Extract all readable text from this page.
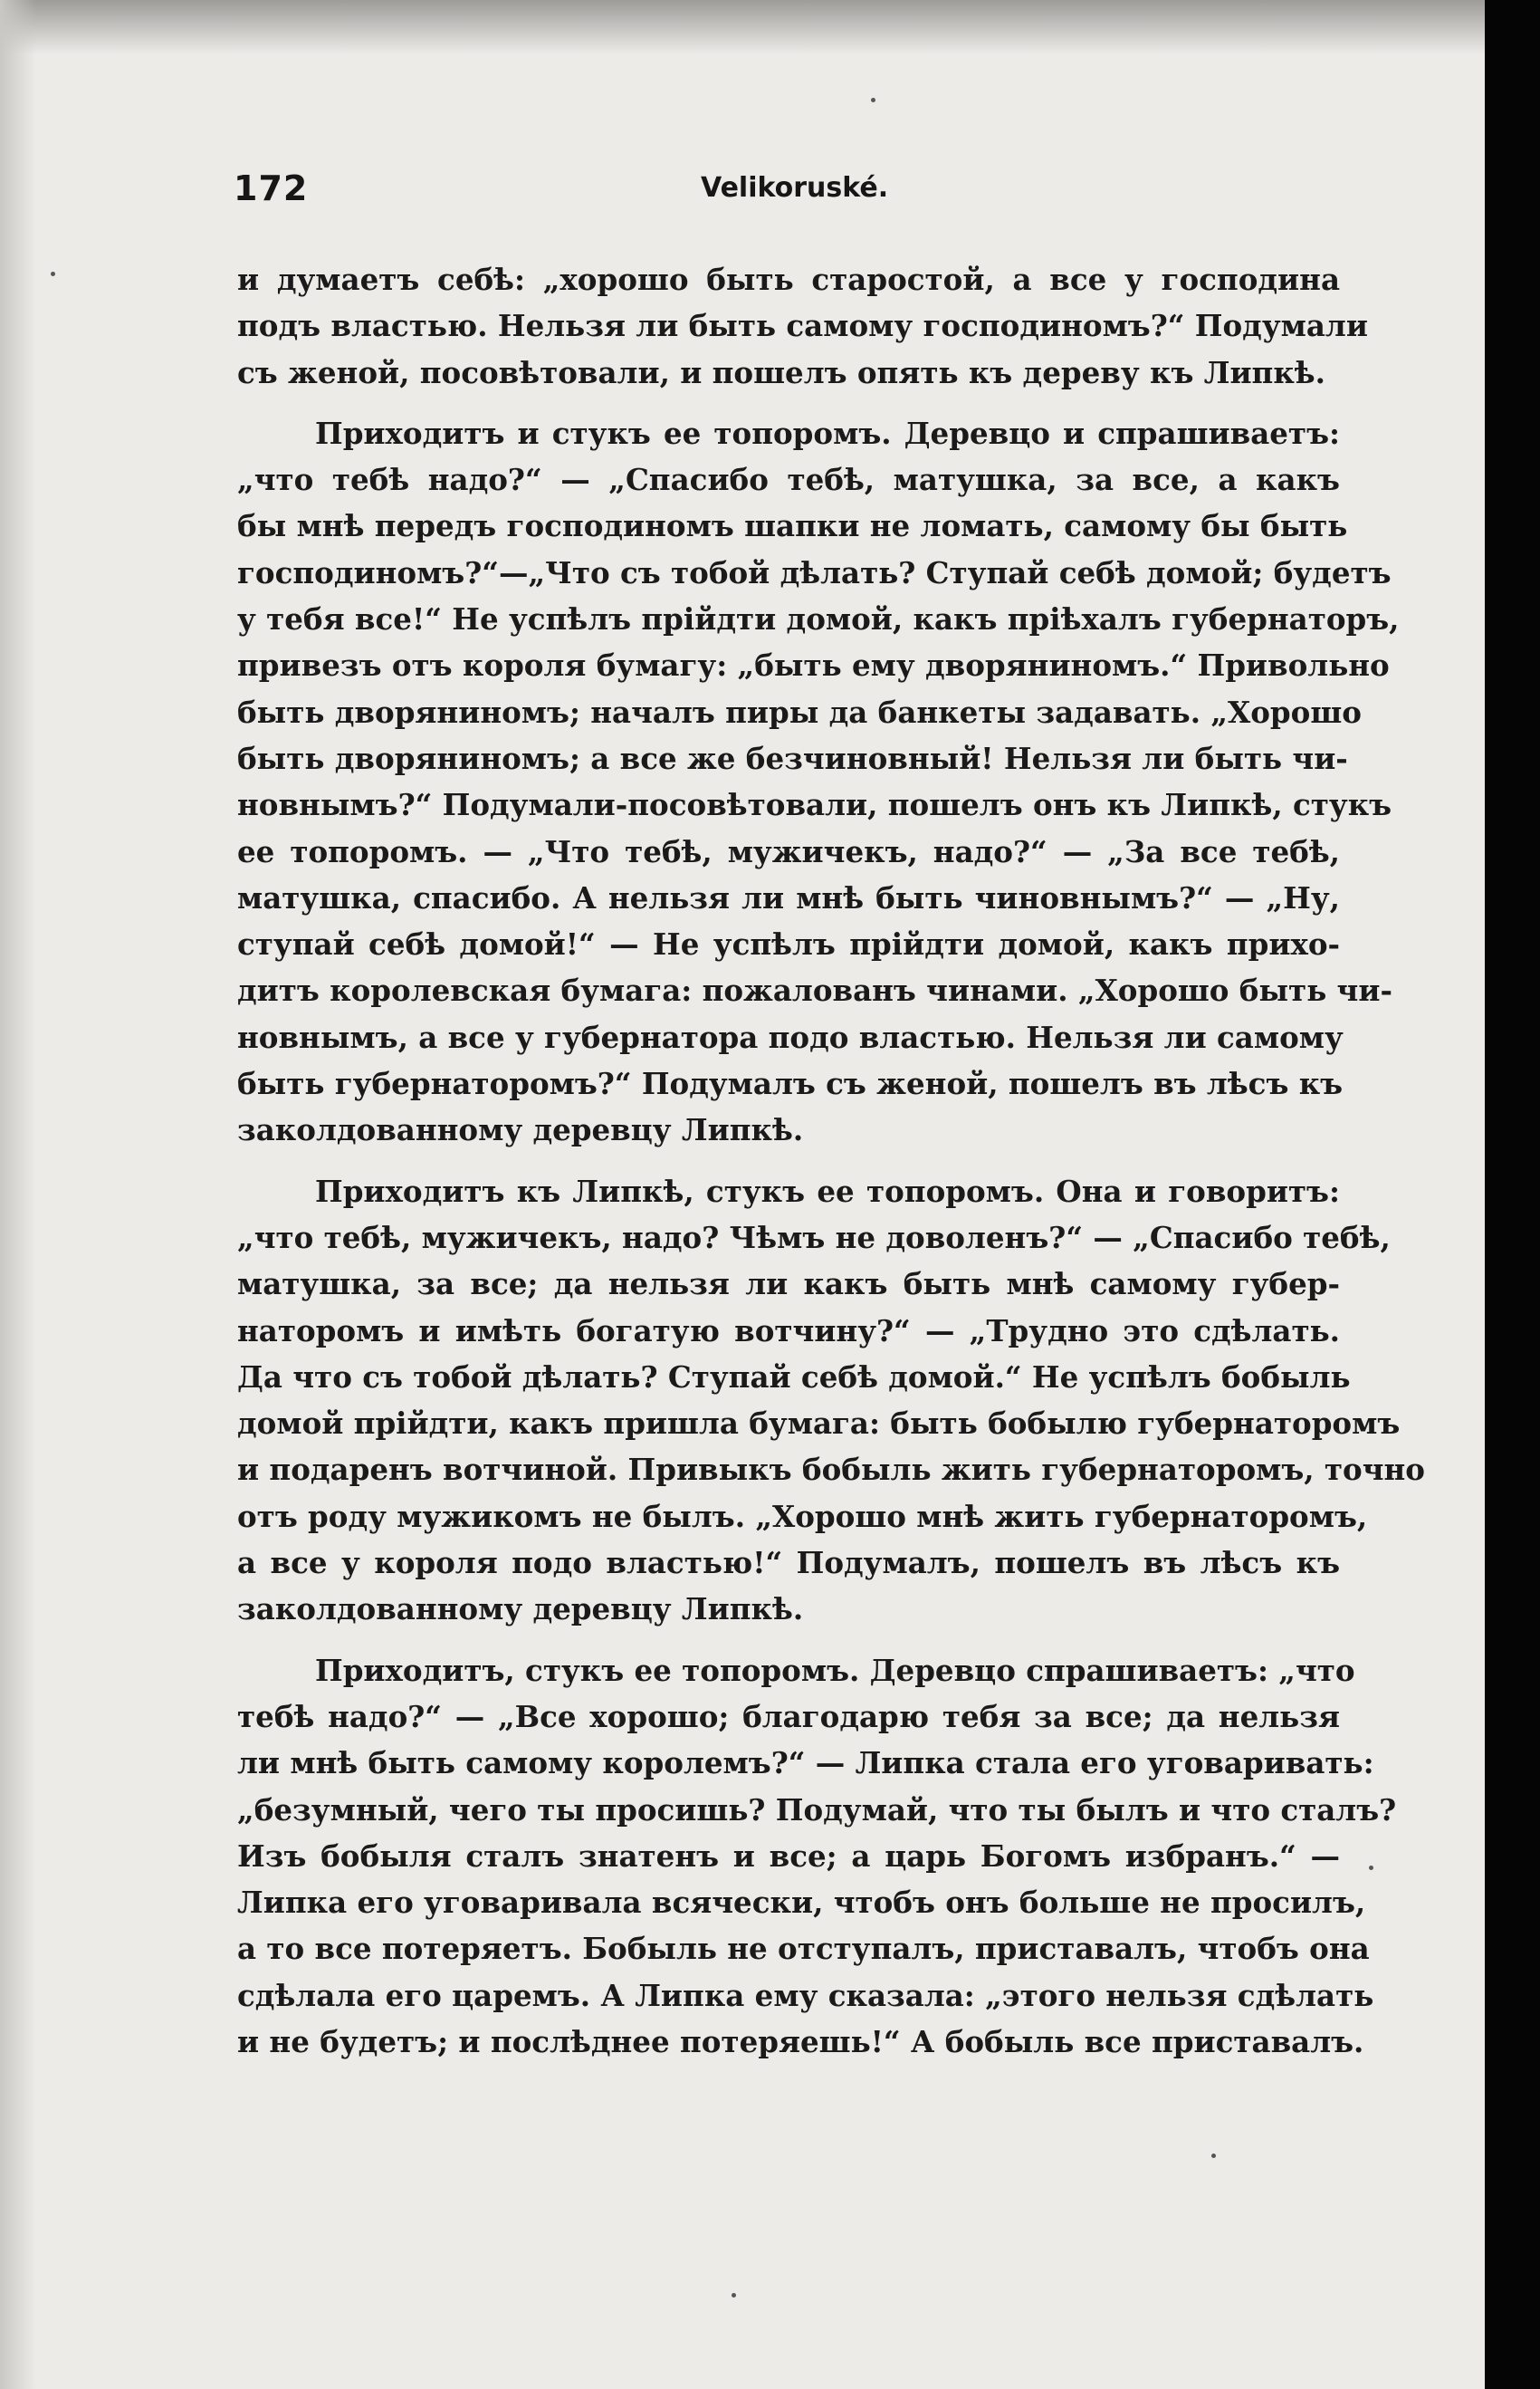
172	Velikoruské.
и думаетъ себѣ: „хорошо быть старостой, а все у господина
подъ властью. Нельзя ли быть самому господиномъ?“ Подумали
съ женой, посовѣтовали, и пошелъ опять къ дереву къ Липкѣ.
Приходитъ и стукъ ее топоромъ. Деревцо и спрашиваетъ:
„что тебѣ надо?“ — „Спасибо тебѣ, матушка, за все, а какъ
бы мнѣ передъ господиномъ шапки не ломать, самому бы быть
господиномъ?“—„Что съ тобой дѣлать? Ступай себѣ домой; будетъ
у тебя все!“ Не успѣлъ прійдти домой, какъ пріѣхалъ губернаторъ,
привезъ отъ короля бумагу: „быть ему дворяниномъ.“ Привольно
быть дворяниномъ; началъ пиры да банкеты задавать. „Хорошо
быть дворяниномъ; а все же безчиновный! Нельзя ли быть чи-
новнымъ?“ Подумали-посовѣтовали, пошелъ онъ къ Липкѣ, стукъ
ее топоромъ. — „Что тебѣ, мужичекъ, надо?“ — „За все тебѣ,
матушка, спасибо. А нельзя ли мнѣ быть чиновнымъ?“ — „Ну,
ступай себѣ домой!“ — Не успѣлъ прійдти домой, какъ прихо-
дитъ королевская бумага: пожалованъ чинами. „Хорошо быть чи-
новнымъ, а все у губернатора подо властью. Нельзя ли самому
быть губернаторомъ?“ Подумалъ съ женой, пошелъ въ лѣсъ къ
заколдованному деревцу Липкѣ.
Приходитъ къ Липкѣ, стукъ ее топоромъ. Она и говоритъ:
„что тебѣ, мужичекъ, надо? Чѣмъ не доволенъ?“ — „Спасибо тебѣ,
матушка, за все; да нельзя ли какъ быть мнѣ самому губер-
наторомъ и имѣть богатую вотчину?“ — „Трудно это сдѣлать.
Да что съ тобой дѣлать? Ступай себѣ домой.“ Не успѣлъ бобыль
домой прійдти, какъ пришла бумага: быть бобылю губернаторомъ
и подаренъ вотчиной. Привыкъ бобыль жить губернаторомъ, точно
отъ роду мужикомъ не былъ. „Хорошо мнѣ жить губернаторомъ,
а все у короля подо властью!“ Подумалъ, пошелъ въ лѣсъ къ
заколдованному деревцу Липкѣ.
Приходитъ, стукъ ее топоромъ. Деревцо спрашиваетъ: „что
тебѣ надо?“ — „Все хорошо; благодарю тебя за все; да нельзя
ли мнѣ быть самому королемъ?“ — Липка стала его уговаривать:
„безумный, чего ты просишь? Подумай, что ты былъ и что сталъ?
Изъ бобыля сталъ знатенъ и все; а царь Богомъ избранъ.“ —
Липка его уговаривала всячески, чтобъ онъ больше не просилъ,
а то все потеряетъ. Бобыль не отступалъ, приставалъ, чтобъ она
сдѣлала его царемъ. А Липка ему сказала: „этого нельзя сдѣлать
и не будетъ; и послѣднее потеряешь!“ А бобыль все приставалъ.
